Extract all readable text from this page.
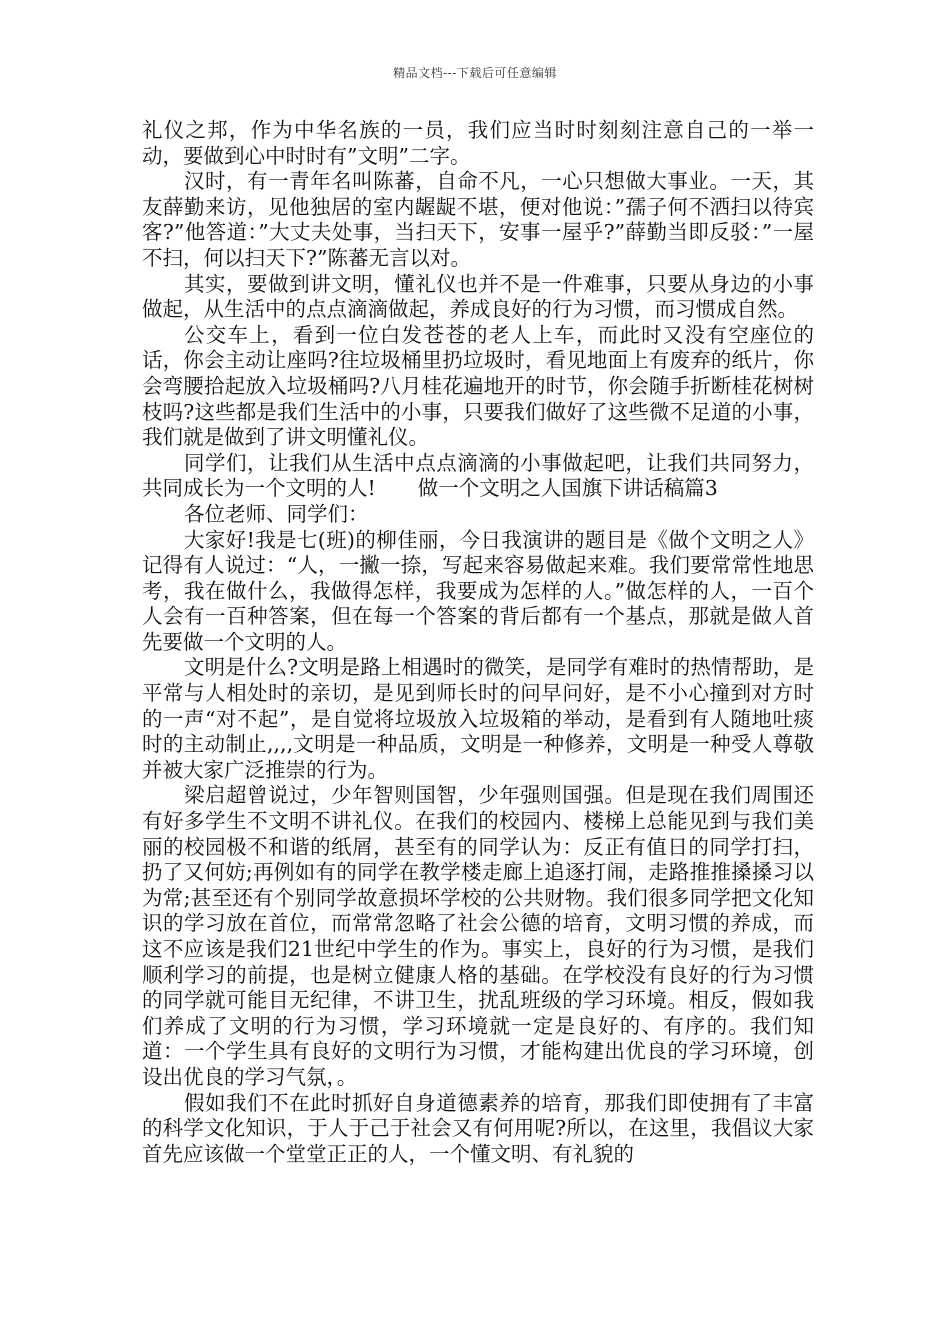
精品文档---下载后可任意编辑

礼仪之邦，作为中华名族的一员，我们应当时时刻刻注意自己的一举一动，要做到心中时时有”文明”二字。

汉时，有一青年名叫陈蕃，自命不凡，一心只想做大事业。一天，其友薛勤来访，见他独居的室内龌龊不堪，便对他说：”孺子何不洒扫以待宾客?”他答道：”大丈夫处事，当扫天下，安事一屋乎?”薛勤当即反驳：”一屋不扫，何以扫天下?”陈蕃无言以对。

其实，要做到讲文明，懂礼仪也并不是一件难事，只要从身边的小事做起，从生活中的点点滴滴做起，养成良好的行为习惯，而习惯成自然。

公交车上，看到一位白发苍苍的老人上车，而此时又没有空座位的话，你会主动让座吗?往垃圾桶里扔垃圾时，看见地面上有废弃的纸片，你会弯腰拾起放入垃圾桶吗?八月桂花遍地开的时节，你会随手折断桂花树树枝吗?这些都是我们生活中的小事，只要我们做好了这些微不足道的小事，我们就是做到了讲文明懂礼仪。

同学们，让我们从生活中点点滴滴的小事做起吧，让我们共同努力，共同成长为一个文明的人! 做一个文明之人国旗下讲话稿篇3

各位老师、同学们：

大家好!我是七(班)的柳佳丽，今日我演讲的题目是《做个文明之人》 记得有人说过：“人，一撇一捺，写起来容易做起来难。我们要常常性地思考，我在做什么，我做得怎样，我要成为怎样的人。”做怎样的人，一百个人会有一百种答案，但在每一个答案的背后都有一个基点，那就是做人首先要做一个文明的人。

文明是什么?文明是路上相遇时的微笑，是同学有难时的热情帮助，是平常与人相处时的亲切，是见到师长时的问早问好，是不小心撞到对方时的一声“对不起”，是自觉将垃圾放入垃圾箱的举动，是看到有人随地吐痰时的主动制止,,,,文明是一种品质，文明是一种修养，文明是一种受人尊敬并被大家广泛推崇的行为。

梁启超曾说过，少年智则国智，少年强则国强。但是现在我们周围还有好多学生不文明不讲礼仪。在我们的校园内、楼梯上总能见到与我们美丽的校园极不和谐的纸屑，甚至有的同学认为：反正有值日的同学打扫，扔了又何妨;再例如有的同学在教学楼走廊上追逐打闹，走路推推搡搡习以为常;甚至还有个别同学故意损坏学校的公共财物。我们很多同学把文化知识的学习放在首位，而常常忽略了社会公德的培育，文明习惯的养成，而这不应该是我们21世纪中学生的作为。事实上，良好的行为习惯，是我们顺利学习的前提，也是树立健康人格的基础。在学校没有良好的行为习惯的同学就可能目无纪律，不讲卫生，扰乱班级的学习环境。相反，假如我们养成了文明的行为习惯，学习环境就一定是良好的、有序的。我们知道：一个学生具有良好的文明行为习惯，才能构建出优良的学习环境，创设出优良的学习气氛，。

假如我们不在此时抓好自身道德素养的培育，那我们即使拥有了丰富的科学文化知识，于人于己于社会又有何用呢?所以，在这里，我倡议大家首先应该做一个堂堂正正的人，一个懂文明、有礼貌的
